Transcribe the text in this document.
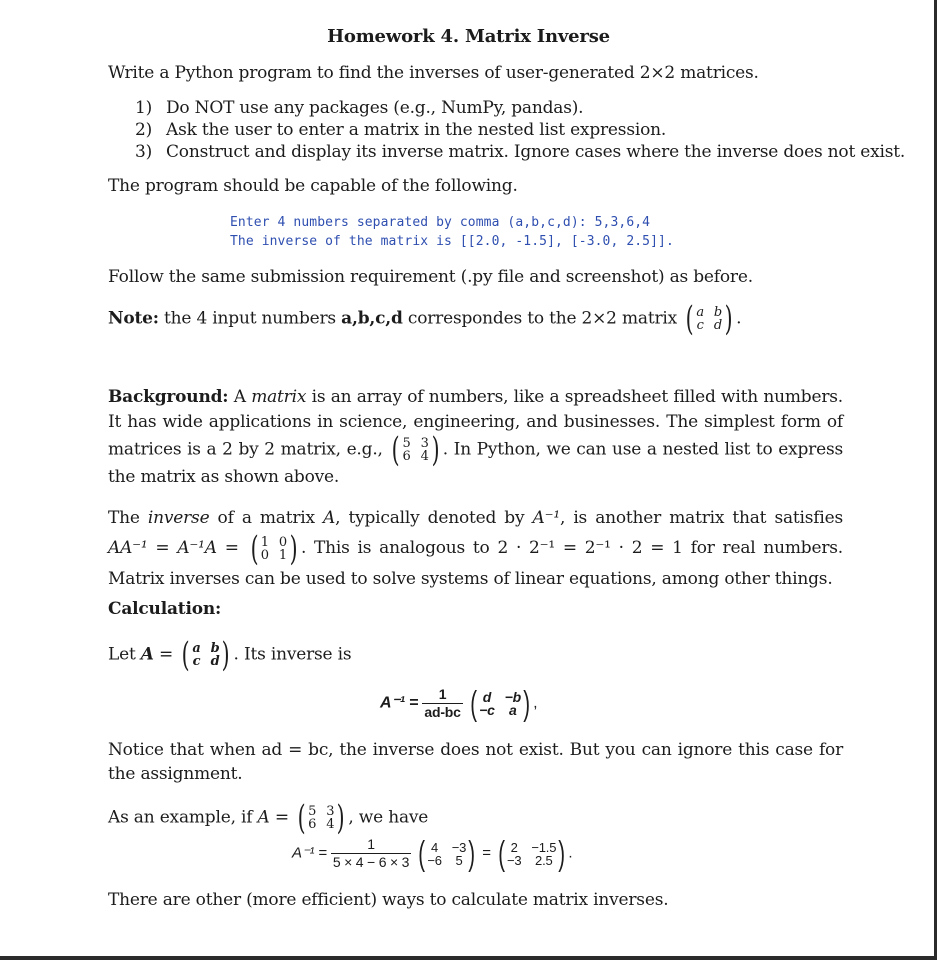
Homework 4. Matrix Inverse
Write a Python program to find the inverses of user-generated 2×2 matrices.
1) Do NOT use any packages (e.g., NumPy, pandas).
2) Ask the user to enter a matrix in the nested list expression.
3) Construct and display its inverse matrix. Ignore cases where the inverse does not exist.
The program should be capable of the following.
Enter 4 numbers separated by comma (a,b,c,d): 5,3,6,4
The inverse of the matrix is [[2.0, -1.5], [-3.0, 2.5]].
Follow the same submission requirement (.py file and screenshot) as before.
Note: the 4 input numbers a,b,c,d correspondes to the 2×2 matrix ( a b
c d ) .
Background: A matrix is an array of numbers, like a spreadsheet filled with numbers. It has wide applications in science, engineering, and businesses. The simplest form of matrices is a 2 by 2 matrix, e.g., ( 5 3
6 4 ) . In Python, we can use a nested list to express the matrix as shown above.
The inverse of a matrix A, typically denoted by A⁻¹, is another matrix that satisfies AA⁻¹ = A⁻¹A = ( 1 0
0 1 ) . This is analogous to 2 · 2⁻¹ = 2⁻¹ · 2 = 1 for real numbers. Matrix inverses can be used to solve systems of linear equations, among other things.
Calculation:
Let A = ( a b
c d ) . Its inverse is
$A^{-1} = \frac{1}{ad-bc}$ ( d −b
−c	a ) ,
Notice that when ad = bc, the inverse does not exist. But you can ignore this case for the assignment.
As an example, if A = ( 5 3
6 4 ) , we have
$A^{-1} = \frac{1}{5 \times 4 - 6 \times 3}$ ( 4 −3
−6 5 ) = ( 2 −1.5
−3 2.5 ) .
There are other (more efficient) ways to calculate matrix inverses.
